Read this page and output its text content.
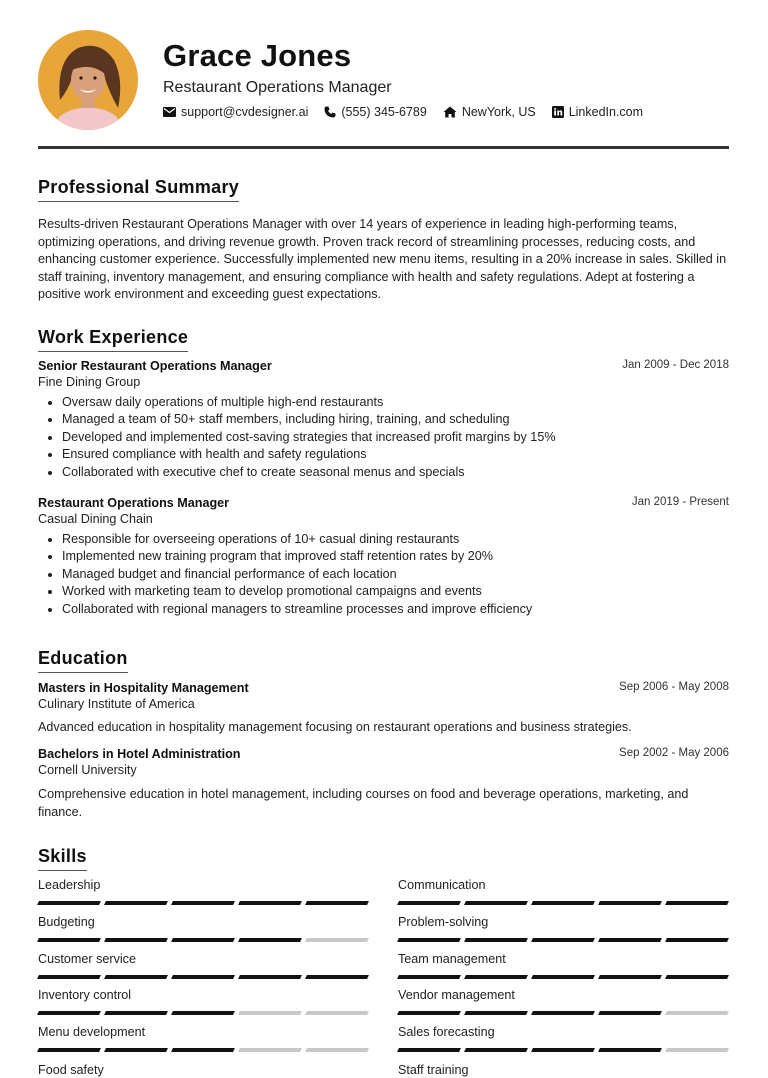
Grace Jones
Restaurant Operations Manager
support@cvdesigner.ai	(555) 345-6789	NewYork, US	LinkedIn.com
Professional Summary
Results-driven Restaurant Operations Manager with over 14 years of experience in leading high-performing teams, optimizing operations, and driving revenue growth. Proven track record of streamlining processes, reducing costs, and enhancing customer experience. Successfully implemented new menu items, resulting in a 20% increase in sales. Skilled in staff training, inventory management, and ensuring compliance with health and safety regulations. Adept at fostering a positive work environment and exceeding guest expectations.
Work Experience
Senior Restaurant Operations Manager	Jan 2009 - Dec 2018
Fine Dining Group
• Oversaw daily operations of multiple high-end restaurants
• Managed a team of 50+ staff members, including hiring, training, and scheduling
• Developed and implemented cost-saving strategies that increased profit margins by 15%
• Ensured compliance with health and safety regulations
• Collaborated with executive chef to create seasonal menus and specials
Restaurant Operations Manager	Jan 2019 - Present
Casual Dining Chain
• Responsible for overseeing operations of 10+ casual dining restaurants
• Implemented new training program that improved staff retention rates by 20%
• Managed budget and financial performance of each location
• Worked with marketing team to develop promotional campaigns and events
• Collaborated with regional managers to streamline processes and improve efficiency
Education
Masters in Hospitality Management	Sep 2006 - May 2008
Culinary Institute of America
Advanced education in hospitality management focusing on restaurant operations and business strategies.
Bachelors in Hotel Administration	Sep 2002 - May 2006
Cornell University
Comprehensive education in hotel management, including courses on food and beverage operations, marketing, and finance.
Skills
Leadership	Communication
Budgeting	Problem-solving
Customer service	Team management
Inventory control	Vendor management
Menu development	Sales forecasting
Food safety	Staff training
